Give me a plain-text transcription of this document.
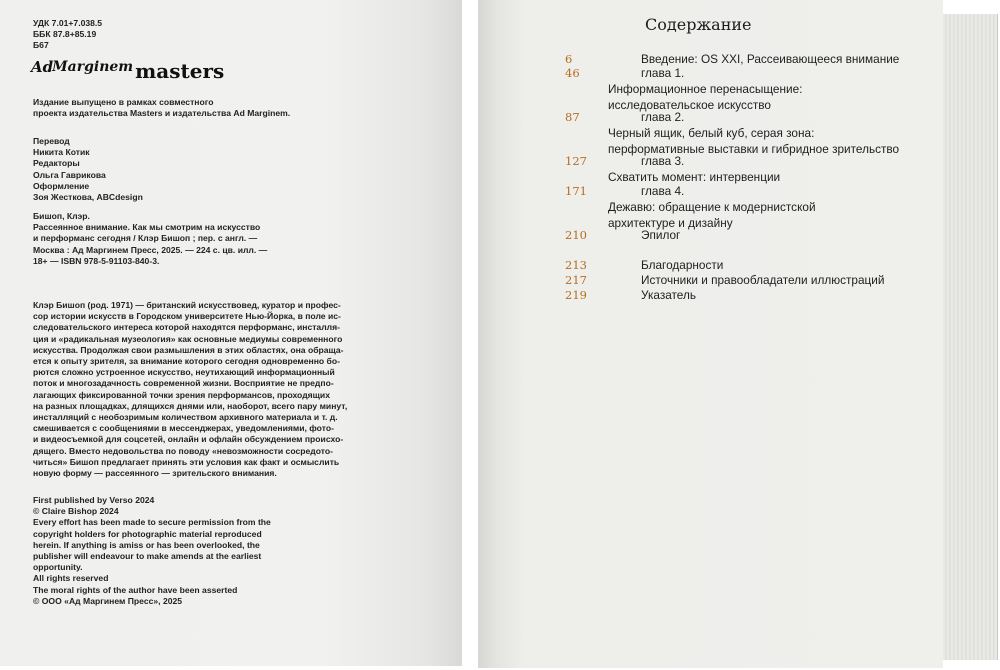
УДК 7.01+7.038.5
ББК 87.8+85.19
Б67
AdMarginem masters
Издание выпущено в рамках совместного
проекта издательства Masters и издательства Ad Marginem.
Перевод
Никита Котик
Редакторы
Ольга Гаврикова
Оформление
Зоя Жесткова, ABCdesign
Бишоп, Клэр.
Рассеянное внимание. Как мы смотрим на искусство
и перформанс сегодня / Клэр Бишоп ; пер. с англ. —
Москва : Ад Маргинем Пресс, 2025. — 224 с. цв. илл. —
18+ — ISBN 978-5-91103-840-3.
Клэр Бишоп (род. 1971) — британский искусствовед, куратор и профес-
сор истории искусств в Городском университете Нью-Йорка, в поле ис-
следовательского интереса которой находятся перформанс, инсталля-
ция и «радикальная музеология» как основные медиумы современного
искусства. Продолжая свои размышления в этих областях, она обраща-
ется к опыту зрителя, за внимание которого сегодня одновременно бо-
рются сложно устроенное искусство, неутихающий информационный
поток и многозадачность современной жизни. Восприятие не предпо-
лагающих фиксированной точки зрения перформансов, проходящих
на разных площадках, длящихся днями или, наоборот, всего пару минут,
инсталляций с необозримым количеством архивного материала и т. д.
смешивается с сообщениями в мессенджерах, уведомлениями, фото-
и видеосъемкой для соцсетей, онлайн и офлайн обсуждением происхо-
дящего. Вместо недовольства по поводу «невозможности сосредото-
читься» Бишоп предлагает принять эти условия как факт и осмыслить
новую форму — рассеянного — зрительского внимания.
First published by Verso 2024
© Claire Bishop 2024
Every effort has been made to secure permission from the
copyright holders for photographic material reproduced
herein. If anything is amiss or has been overlooked, the
publisher will endeavour to make amends at the earliest
opportunity.
All rights reserved
The moral rights of the author have been asserted
© ООО «Ад Маргинем Пресс», 2025
Содержание
6	Введение: OS XXI, Рассеивающееся внимание
46	глава 1.
Информационное перенасыщение:
исследовательское искусство
87	глава 2.
Черный ящик, белый куб, серая зона:
перформативные выставки и гибридное зрительство
127	глава 3.
Схватить момент: интервенции
171	глава 4.
Дежавю: обращение к модернистской
архитектуре и дизайну
210	Эпилог
213	Благодарности
217	Источники и правообладатели иллюстраций
219	Указатель
